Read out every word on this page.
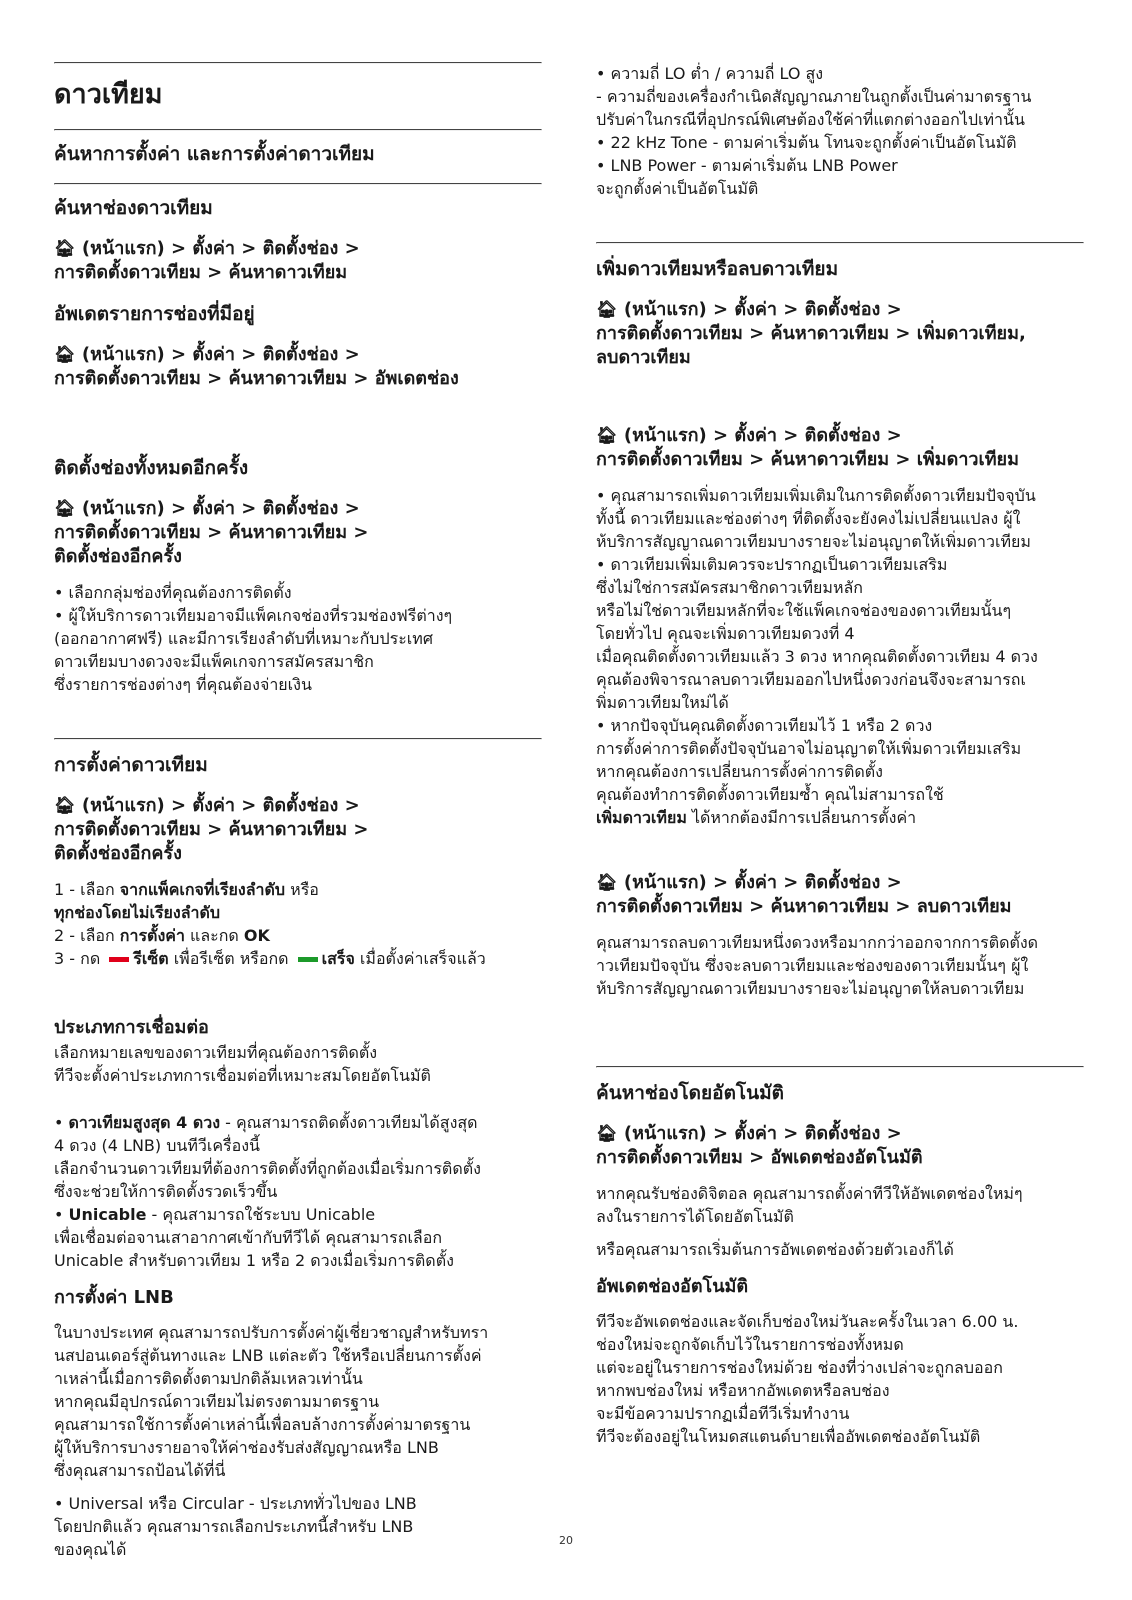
ดาวเทียม
ค้นหาการตั้งค่า และการตั้งค่าดาวเทียม
ค้นหาช่องดาวเทียม
🏠︎ (หน้าแรก) > ตั้งค่า > ติดตั้งช่อง >
การติดตั้งดาวเทียม > ค้นหาดาวเทียม
อัพเดตรายการช่องที่มีอยู่
🏠︎ (หน้าแรก) > ตั้งค่า > ติดตั้งช่อง >
การติดตั้งดาวเทียม > ค้นหาดาวเทียม > อัพเดตช่อง
ติดตั้งช่องทั้งหมดอีกครั้ง
🏠︎ (หน้าแรก) > ตั้งค่า > ติดตั้งช่อง >
การติดตั้งดาวเทียม > ค้นหาดาวเทียม >
ติดตั้งช่องอีกครั้ง
• เลือกกลุ่มช่องที่คุณต้องการติดตั้ง
• ผู้ให้บริการดาวเทียมอาจมีแพ็คเกจช่องที่รวมช่องฟรีต่างๆ
(ออกอากาศฟรี) และมีการเรียงลำดับที่เหมาะกับประเทศ
ดาวเทียมบางดวงจะมีแพ็คเกจการสมัครสมาชิก
ซึ่งรายการช่องต่างๆ ที่คุณต้องจ่ายเงิน
การตั้งค่าดาวเทียม
🏠︎ (หน้าแรก) > ตั้งค่า > ติดตั้งช่อง >
การติดตั้งดาวเทียม > ค้นหาดาวเทียม >
ติดตั้งช่องอีกครั้ง
1 - เลือก จากแพ็คเกจที่เรียงลำดับ หรือ
ทุกช่องโดยไม่เรียงลำดับ
2 - เลือก การตั้งค่า และกด OK
3 - กด รีเซ็ต เพื่อรีเซ็ต หรือกด เสร็จ เมื่อตั้งค่าเสร็จแล้ว
ประเภทการเชื่อมต่อ
เลือกหมายเลขของดาวเทียมที่คุณต้องการติดตั้ง
ทีวีจะตั้งค่าประเภทการเชื่อมต่อที่เหมาะสมโดยอัตโนมัติ
• ดาวเทียมสูงสุด 4 ดวง - คุณสามารถติดตั้งดาวเทียมได้สูงสุด
4 ดวง (4 LNB) บนทีวีเครื่องนี้
เลือกจำนวนดาวเทียมที่ต้องการติดตั้งที่ถูกต้องเมื่อเริ่มการติดตั้ง
ซึ่งจะช่วยให้การติดตั้งรวดเร็วขึ้น
• Unicable - คุณสามารถใช้ระบบ Unicable
เพื่อเชื่อมต่อจานเสาอากาศเข้ากับทีวีได้ คุณสามารถเลือก
Unicable สำหรับดาวเทียม 1 หรือ 2 ดวงเมื่อเริ่มการติดตั้ง
การตั้งค่า LNB
ในบางประเทศ คุณสามารถปรับการตั้งค่าผู้เชี่ยวชาญสำหรับทรา
นสปอนเดอร์สู่ต้นทางและ LNB แต่ละตัว ใช้หรือเปลี่ยนการตั้งค่
าเหล่านี้เมื่อการติดตั้งตามปกติล้มเหลวเท่านั้น
หากคุณมีอุปกรณ์ดาวเทียมไม่ตรงตามมาตรฐาน
คุณสามารถใช้การตั้งค่าเหล่านี้เพื่อลบล้างการตั้งค่ามาตรฐาน
ผู้ให้บริการบางรายอาจให้ค่าช่องรับส่งสัญญาณหรือ LNB
ซึ่งคุณสามารถป้อนได้ที่นี่
• Universal หรือ Circular - ประเภททั่วไปของ LNB
โดยปกติแล้ว คุณสามารถเลือกประเภทนี้สำหรับ LNB
ของคุณได้
• ความถี่ LO ต่ำ / ความถี่ LO สูง
- ความถี่ของเครื่องกำเนิดสัญญาณภายในถูกตั้งเป็นค่ามาตรฐาน
ปรับค่าในกรณีที่อุปกรณ์พิเศษต้องใช้ค่าที่แตกต่างออกไปเท่านั้น
• 22 kHz Tone - ตามค่าเริ่มต้น โทนจะถูกตั้งค่าเป็นอัตโนมัติ
• LNB Power - ตามค่าเริ่มต้น LNB Power
จะถูกตั้งค่าเป็นอัตโนมัติ
เพิ่มดาวเทียมหรือลบดาวเทียม
🏠︎ (หน้าแรก) > ตั้งค่า > ติดตั้งช่อง >
การติดตั้งดาวเทียม > ค้นหาดาวเทียม > เพิ่มดาวเทียม,
ลบดาวเทียม
🏠︎ (หน้าแรก) > ตั้งค่า > ติดตั้งช่อง >
การติดตั้งดาวเทียม > ค้นหาดาวเทียม > เพิ่มดาวเทียม
• คุณสามารถเพิ่มดาวเทียมเพิ่มเติมในการติดตั้งดาวเทียมปัจจุบัน
ทั้งนี้ ดาวเทียมและช่องต่างๆ ที่ติดตั้งจะยังคงไม่เปลี่ยนแปลง ผู้ใ
ห้บริการสัญญาณดาวเทียมบางรายจะไม่อนุญาตให้เพิ่มดาวเทียม
• ดาวเทียมเพิ่มเติมควรจะปรากฏเป็นดาวเทียมเสริม
ซึ่งไม่ใช่การสมัครสมาชิกดาวเทียมหลัก
หรือไม่ใช่ดาวเทียมหลักที่จะใช้แพ็คเกจช่องของดาวเทียมนั้นๆ
โดยทั่วไป คุณจะเพิ่มดาวเทียมดวงที่ 4
เมื่อคุณติดตั้งดาวเทียมแล้ว 3 ดวง หากคุณติดตั้งดาวเทียม 4 ดวง
คุณต้องพิจารณาลบดาวเทียมออกไปหนึ่งดวงก่อนจึงจะสามารถเ
พิ่มดาวเทียมใหม่ได้
• หากปัจจุบันคุณติดตั้งดาวเทียมไว้ 1 หรือ 2 ดวง
การตั้งค่าการติดตั้งปัจจุบันอาจไม่อนุญาตให้เพิ่มดาวเทียมเสริม
หากคุณต้องการเปลี่ยนการตั้งค่าการติดตั้ง
คุณต้องทำการติดตั้งดาวเทียมซ้ำ คุณไม่สามารถใช้
เพิ่มดาวเทียม ได้หากต้องมีการเปลี่ยนการตั้งค่า
🏠︎ (หน้าแรก) > ตั้งค่า > ติดตั้งช่อง >
การติดตั้งดาวเทียม > ค้นหาดาวเทียม > ลบดาวเทียม
คุณสามารถลบดาวเทียมหนึ่งดวงหรือมากกว่าออกจากการติดตั้งด
าวเทียมปัจจุบัน ซึ่งจะลบดาวเทียมและช่องของดาวเทียมนั้นๆ ผู้ใ
ห้บริการสัญญาณดาวเทียมบางรายจะไม่อนุญาตให้ลบดาวเทียม
ค้นหาช่องโดยอัตโนมัติ
🏠︎ (หน้าแรก) > ตั้งค่า > ติดตั้งช่อง >
การติดตั้งดาวเทียม > อัพเดตช่องอัตโนมัติ
หากคุณรับช่องดิจิตอล คุณสามารถตั้งค่าทีวีให้อัพเดตช่องใหม่ๆ
ลงในรายการได้โดยอัตโนมัติ
หรือคุณสามารถเริ่มต้นการอัพเดตช่องด้วยตัวเองก็ได้
อัพเดตช่องอัตโนมัติ
ทีวีจะอัพเดตช่องและจัดเก็บช่องใหม่วันละครั้งในเวลา 6.00 น.
ช่องใหม่จะถูกจัดเก็บไว้ในรายการช่องทั้งหมด
แต่จะอยู่ในรายการช่องใหม่ด้วย ช่องที่ว่างเปล่าจะถูกลบออก
หากพบช่องใหม่ หรือหากอัพเดตหรือลบช่อง
จะมีข้อความปรากฏเมื่อทีวีเริ่มทำงาน
ทีวีจะต้องอยู่ในโหมดสแตนด์บายเพื่ออัพเดตช่องอัตโนมัติ
20
